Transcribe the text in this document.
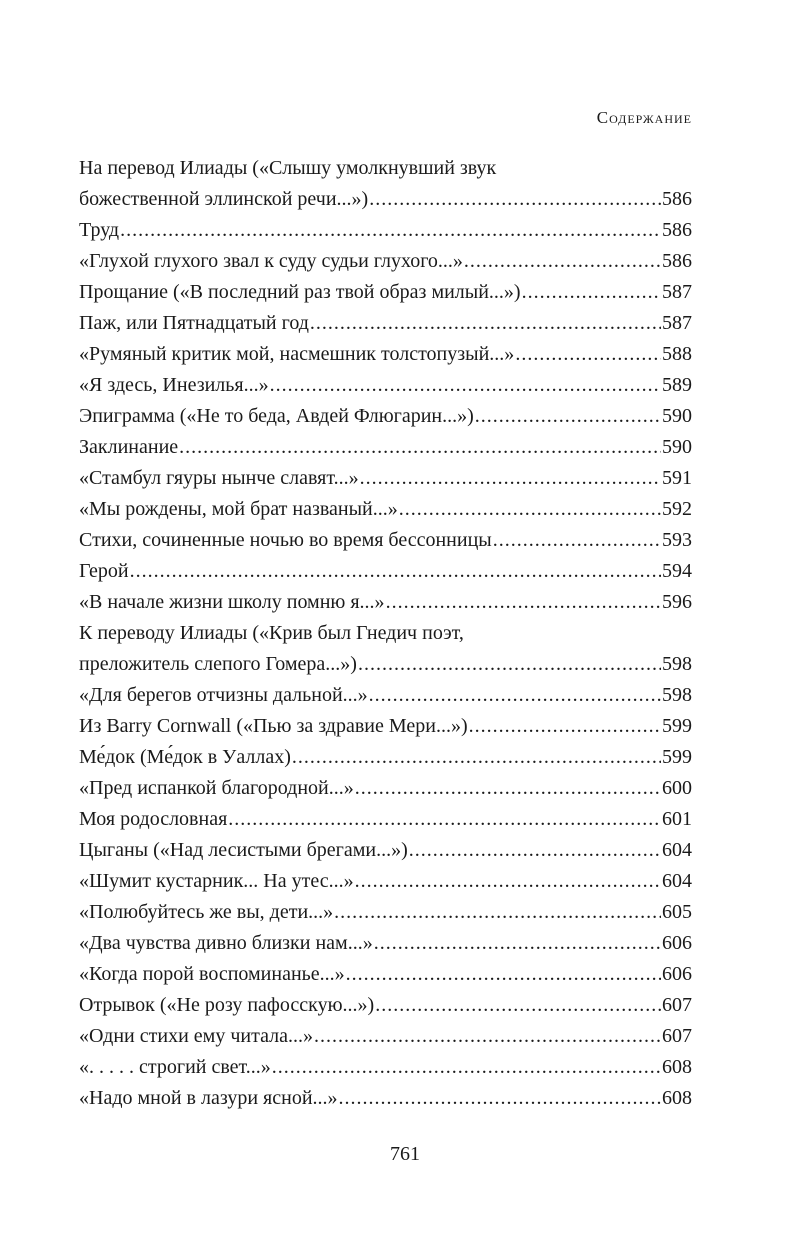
Содержание
На перевод Илиады («Слышу умолкнувший звук
божественной эллинской речи...») .....	586
Труд .....	586
«Глухой глухого звал к суду судьи глухого...» .....	586
Прощание («В последний раз твой образ милый...») .....	587
Паж, или Пятнадцатый год .....	587
«Румяный критик мой, насмешник толстопузый...» .....	588
«Я здесь, Инезилья...» .....	589
Эпиграмма («Не то беда, Авдей Флюгарин...») .....	590
Заклинание .....	590
«Стамбул гяуры нынче славят...» .....	591
«Мы рождены, мой брат названый...» .....	592
Стихи, сочиненные ночью во время бессонницы .....	593
Герой .....	594
«В начале жизни школу помню я...» .....	596
К переводу Илиады («Крив был Гнедич поэт,
преложитель слепого Гомера...») .....	598
«Для берегов отчизны дальной...» .....	598
Из Barry Cornwall («Пью за здравие Мери...») .....	599
Ме́док (Ме́док в Уаллах) .....	599
«Пред испанкой благородной...» .....	600
Моя родословная .....	601
Цыганы («Над лесистыми брегами...») .....	604
«Шумит кустарник... На утес...» .....	604
«Полюбуйтесь же вы, дети...» .....	605
«Два чувства дивно близки нам...» .....	606
«Когда порой воспоминанье...» .....	606
Отрывок («Не розу пафосскую...») .....	607
«Одни стихи ему читала...» .....	607
«. . . . . строгий свет...» .....	608
«Надо мной в лазури ясной...» .....	608
761
